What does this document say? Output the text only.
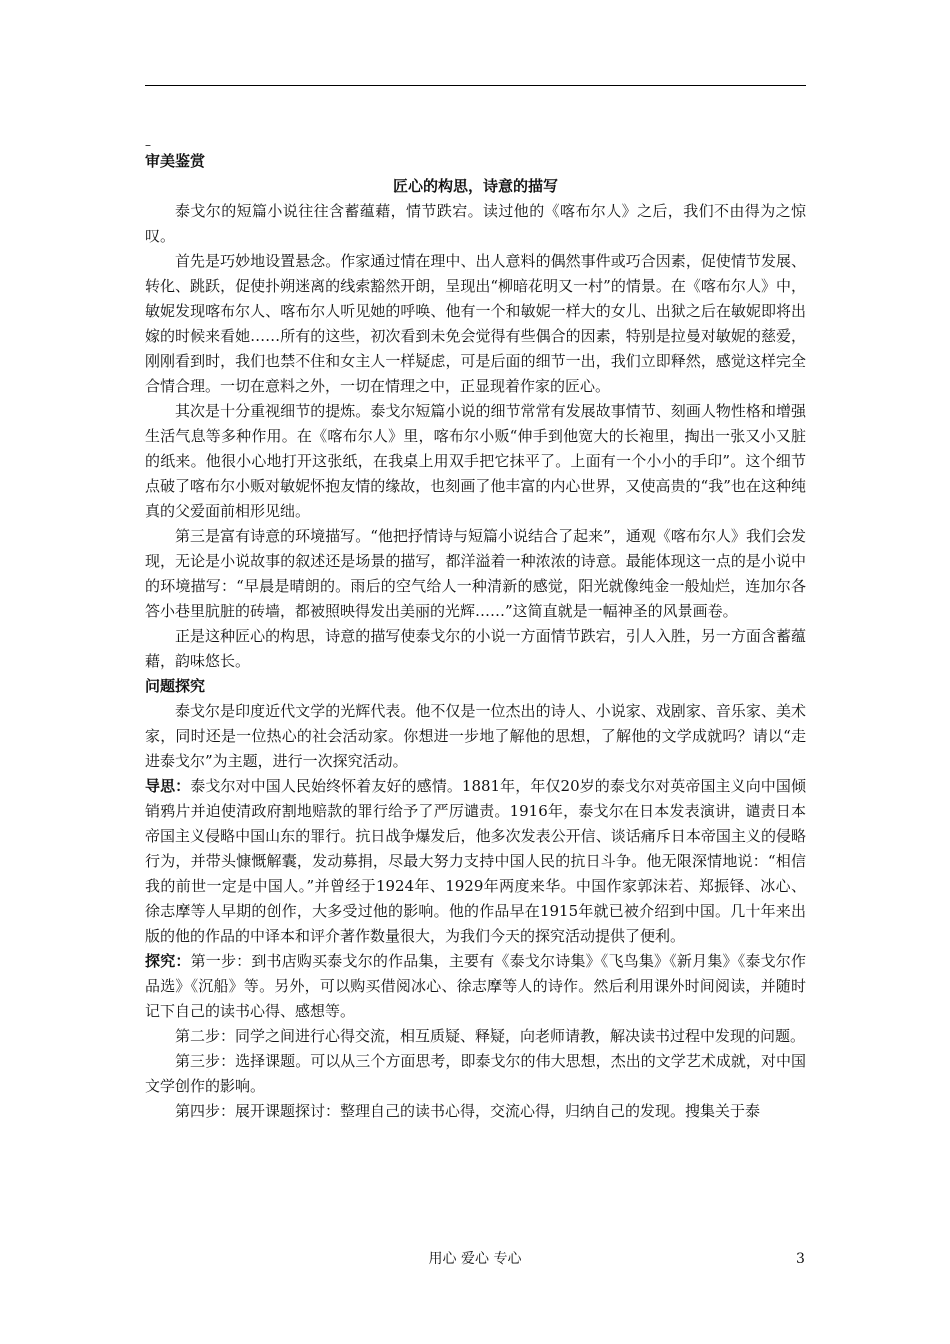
–

审美鉴赏

匠心的构思，诗意的描写

泰戈尔的短篇小说往往含蓄蕴藉，情节跌宕。读过他的《喀布尔人》之后，我们不由得为之惊叹。

首先是巧妙地设置悬念。作家通过情在理中、出人意料的偶然事件或巧合因素，促使情节发展、转化、跳跃，促使扑朔迷离的线索豁然开朗，呈现出“柳暗花明又一村”的情景。在《喀布尔人》中，敏妮发现喀布尔人、喀布尔人听见她的呼唤、他有一个和敏妮一样大的女儿、出狱之后在敏妮即将出嫁的时候来看她……所有的这些，初次看到未免会觉得有些偶合的因素，特别是拉曼对敏妮的慈爱，刚刚看到时，我们也禁不住和女主人一样疑虑，可是后面的细节一出，我们立即释然，感觉这样完全合情合理。一切在意料之外，一切在情理之中，正显现着作家的匠心。

其次是十分重视细节的提炼。泰戈尔短篇小说的细节常常有发展故事情节、刻画人物性格和增强生活气息等多种作用。在《喀布尔人》里，喀布尔小贩“伸手到他宽大的长袍里，掏出一张又小又脏的纸来。他很小心地打开这张纸，在我桌上用双手把它抹平了。上面有一个小小的手印”。这个细节点破了喀布尔小贩对敏妮怀抱友情的缘故，也刻画了他丰富的内心世界，又使高贵的“我”也在这种纯真的父爱面前相形见绌。

第三是富有诗意的环境描写。“他把抒情诗与短篇小说结合了起来”，通观《喀布尔人》我们会发现，无论是小说故事的叙述还是场景的描写，都洋溢着一种浓浓的诗意。最能体现这一点的是小说中的环境描写：“早晨是晴朗的。雨后的空气给人一种清新的感觉，阳光就像纯金一般灿烂，连加尔各答小巷里肮脏的砖墙，都被照映得发出美丽的光辉……”这简直就是一幅神圣的风景画卷。

正是这种匠心的构思，诗意的描写使泰戈尔的小说一方面情节跌宕，引人入胜，另一方面含蓄蕴藉，韵味悠长。

问题探究

泰戈尔是印度近代文学的光辉代表。他不仅是一位杰出的诗人、小说家、戏剧家、音乐家、美术家，同时还是一位热心的社会活动家。你想进一步地了解他的思想，了解他的文学成就吗？请以“走进泰戈尔”为主题，进行一次探究活动。

导思：泰戈尔对中国人民始终怀着友好的感情。1881年，年仅20岁的泰戈尔对英帝国主义向中国倾销鸦片并迫使清政府割地赔款的罪行给予了严厉谴责。1916年，泰戈尔在日本发表演讲，谴责日本帝国主义侵略中国山东的罪行。抗日战争爆发后，他多次发表公开信、谈话痛斥日本帝国主义的侵略行为，并带头慷慨解囊，发动募捐，尽最大努力支持中国人民的抗日斗争。他无限深情地说：“相信我的前世一定是中国人。”并曾经于1924年、1929年两度来华。中国作家郭沫若、郑振铎、冰心、徐志摩等人早期的创作，大多受过他的影响。他的作品早在1915年就已被介绍到中国。几十年来出版的他的作品的中译本和评介著作数量很大，为我们今天的探究活动提供了便利。

探究：第一步：到书店购买泰戈尔的作品集，主要有《泰戈尔诗集》《飞鸟集》《新月集》《泰戈尔作品选》《沉船》等。另外，可以购买借阅冰心、徐志摩等人的诗作。然后利用课外时间阅读，并随时记下自己的读书心得、感想等。

第二步：同学之间进行心得交流，相互质疑、释疑，向老师请教，解决读书过程中发现的问题。

第三步：选择课题。可以从三个方面思考，即泰戈尔的伟大思想，杰出的文学艺术成就，对中国文学创作的影响。

第四步：展开课题探讨：整理自己的读书心得，交流心得，归纳自己的发现。搜集关于泰

用心 爱心 专心	3
